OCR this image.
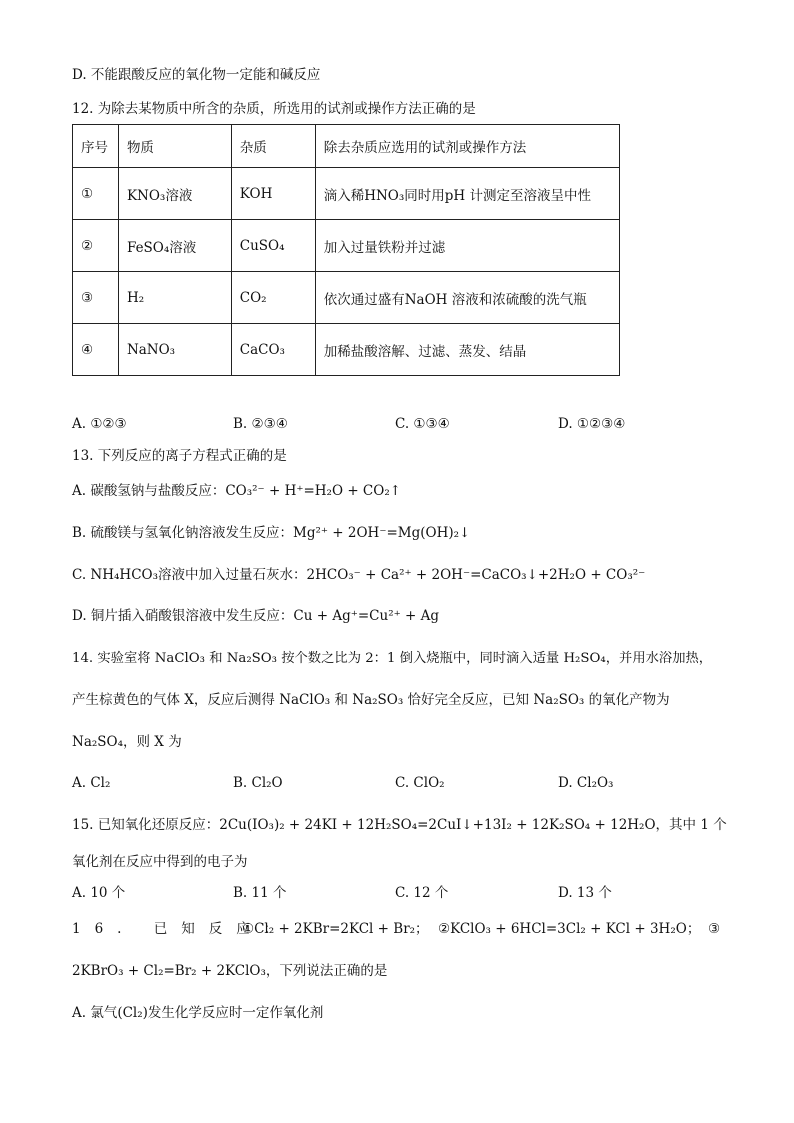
D. 不能跟酸反应的氧化物一定能和碱反应
12. 为除去某物质中所含的杂质，所选用的试剂或操作方法正确的是
序号	物质	杂质	除去杂质应选用的试剂或操作方法
①	KNO₃溶液	KOH	滴入稀HNO₃同时用pH 计测定至溶液呈中性
②	FeSO₄溶液	CuSO₄	加入过量铁粉并过滤
③	H₂	CO₂	依次通过盛有NaOH 溶液和浓硫酸的洗气瓶
④	NaNO₃	CaCO₃	加稀盐酸溶解、过滤、蒸发、结晶
A. ①②③	B. ②③④	C. ①③④	D. ①②③④
13. 下列反应的离子方程式正确的是
A. 碳酸氢钠与盐酸反应：CO₃²⁻ + H⁺=H₂O + CO₂↑
B. 硫酸镁与氢氧化钠溶液发生反应：Mg²⁺ + 2OH⁻=Mg(OH)₂↓
C. NH₄HCO₃溶液中加入过量石灰水：2HCO₃⁻ + Ca²⁺ + 2OH⁻=CaCO₃↓+2H₂O + CO₃²⁻
D. 铜片插入硝酸银溶液中发生反应：Cu + Ag⁺=Cu²⁺ + Ag
14. 实验室将 NaClO₃ 和 Na₂SO₃ 按个数之比为 2：1 倒入烧瓶中，同时滴入适量 H₂SO₄，并用水浴加热，
产生棕黄色的气体 X，反应后测得 NaClO₃ 和 Na₂SO₃ 恰好完全反应，已知 Na₂SO₃ 的氧化产物为
Na₂SO₄，则 X 为
A. Cl₂	B. Cl₂O	C. ClO₂	D. Cl₂O₃
15. 已知氧化还原反应：2Cu(IO₃)₂ + 24KI + 12H₂SO₄=2CuI↓+13I₂ + 12K₂SO₄ + 12H₂O，其中 1 个
氧化剂在反应中得到的电子为
A. 10 个	B. 11 个	C. 12 个	D. 13 个
16. 已知反应：
①Cl₂ + 2KBr=2KCl + Br₂； ②KClO₃ + 6HCl=3Cl₂ + KCl + 3H₂O； ③
2KBrO₃ + Cl₂=Br₂ + 2KClO₃，下列说法正确的是
A. 氯气(Cl₂)发生化学反应时一定作氧化剂
